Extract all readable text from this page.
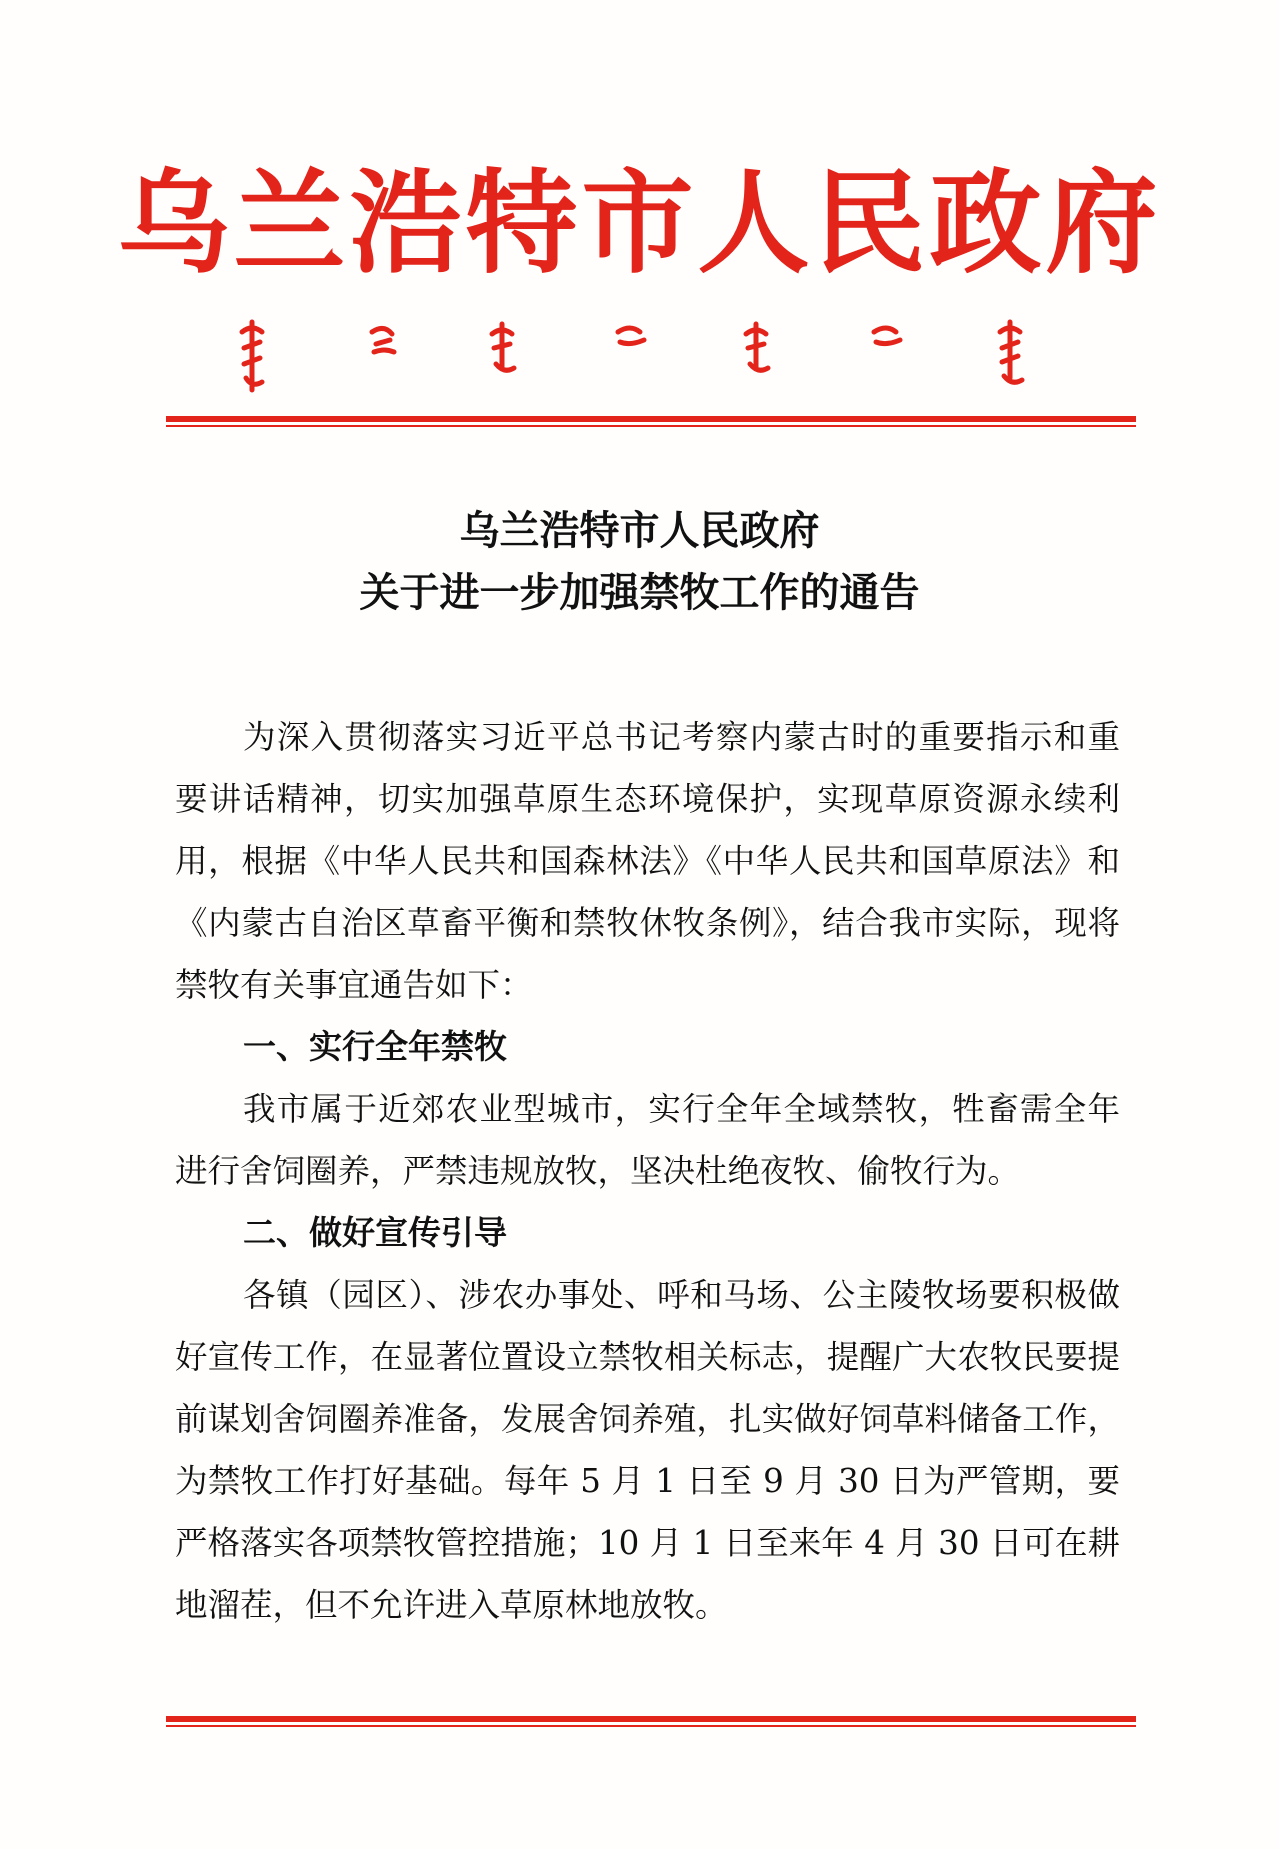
乌兰浩特市人民政府
乌兰浩特市人民政府
关于进一步加强禁牧工作的通告

为深入贯彻落实习近平总书记考察内蒙古时的重要指示和重要讲话精神，切实加强草原生态环境保护，实现草原资源永续利用，根据《中华人民共和国森林法》《中华人民共和国草原法》和《内蒙古自治区草畜平衡和禁牧休牧条例》，结合我市实际，现将禁牧有关事宜通告如下：

一、实行全年禁牧

我市属于近郊农业型城市，实行全年全域禁牧，牲畜需全年进行舍饲圈养，严禁违规放牧，坚决杜绝夜牧、偷牧行为。

二、做好宣传引导

各镇（园区）、涉农办事处、呼和马场、公主陵牧场要积极做好宣传工作，在显著位置设立禁牧相关标志，提醒广大农牧民要提前谋划舍饲圈养准备，发展舍饲养殖，扎实做好饲草料储备工作，为禁牧工作打好基础。每年 5 月 1 日至 9 月 30 日为严管期，要严格落实各项禁牧管控措施；10 月 1 日至来年 4 月 30 日可在耕地溜茬，但不允许进入草原林地放牧。
